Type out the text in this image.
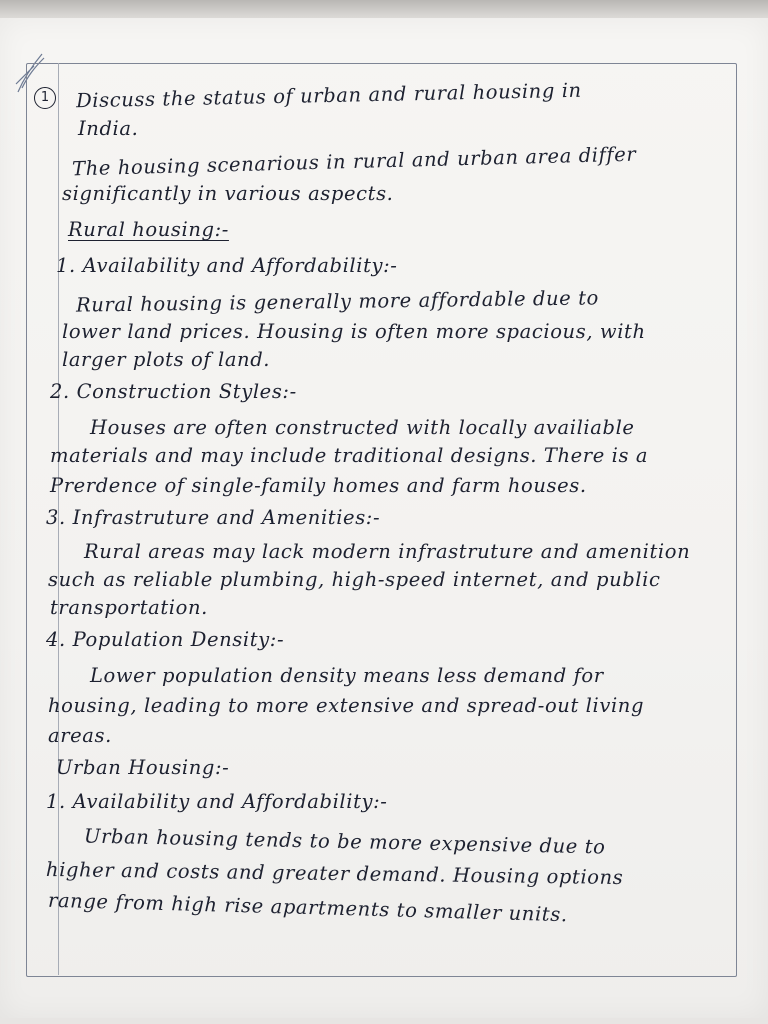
1	Discuss the status of urban and rural housing in
India.
The housing scenarious in rural and urban area differ
significantly in various aspects.
Rural housing:-
1. Availability and Affordability:-
Rural housing is generally more affordable due to
lower land prices. Housing is often more spacious, with
larger plots of land.
2. Construction Styles:-
Houses are often constructed with locally availiable
materials and may include traditional designs. There is a
Prerdence of single-family homes and farm houses.
3. Infrastruture and Amenities:-
Rural areas may lack modern infrastruture and amenition
such as reliable plumbing, high-speed internet, and public
transportation.
4. Population Density:-
Lower population density means less demand for
housing, leading to more extensive and spread-out living
areas.
Urban Housing:-
1. Availability and Affordability:-
Urban housing tends to be more expensive due to
higher and costs and greater demand. Housing options
range from high rise apartments to smaller units.
